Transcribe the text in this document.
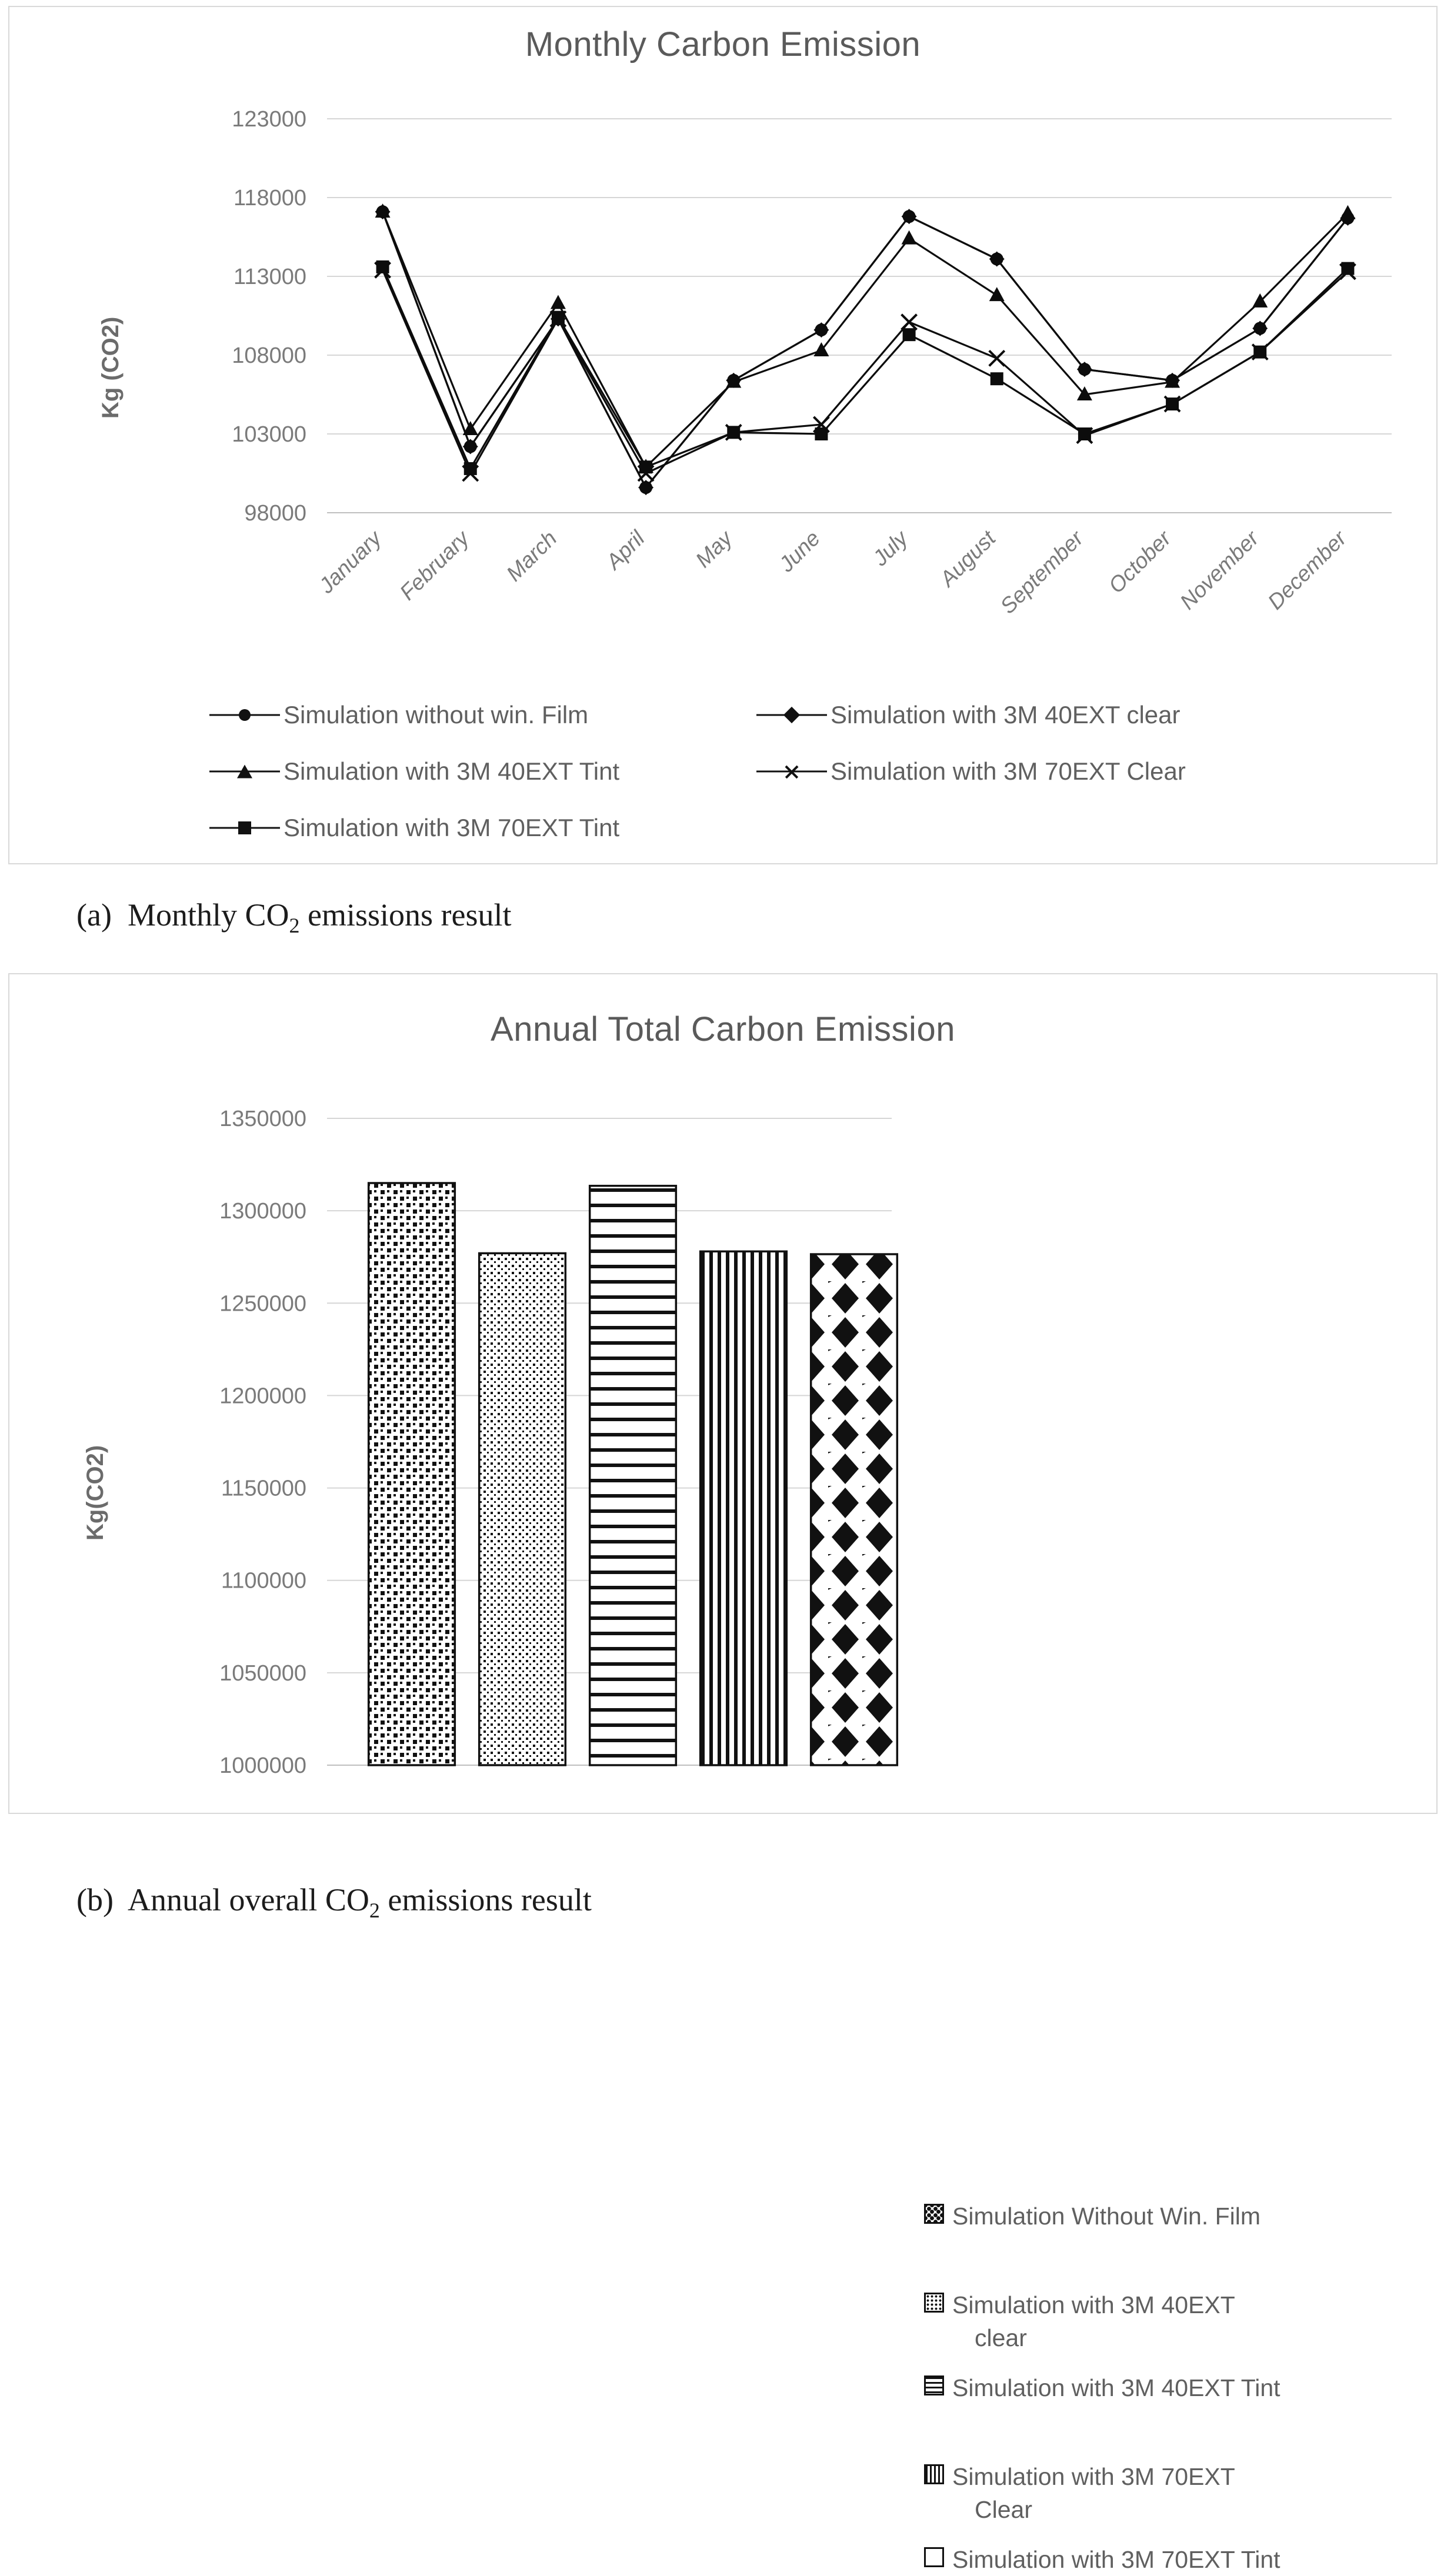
Monthly Carbon Emission
Kg (CO2)
123000
118000
113000
108000
103000
98000
January February March April May June July August
September October November December
Simulation without win. Film	Simulation with 3M 40EXT clear
Simulation with 3M 40EXT Tint	Simulation with 3M 70EXT Clear
Simulation with 3M 70EXT Tint
Annual Total Carbon Emission
1350000
1300000
1250000
1200000
1150000
1100000
1050000
1000000
Simulation Without Win. Film
Simulation with 3M 40EXT
clear
Simulation with 3M 40EXT Tint
Simulation with 3M 70EXT
Clear
Simulation with 3M 70EXT Tint
Kg(CO2)
(a) Monthly $CO_2$ emissions result
(b) Annual overall $CO_2$ emissions result
